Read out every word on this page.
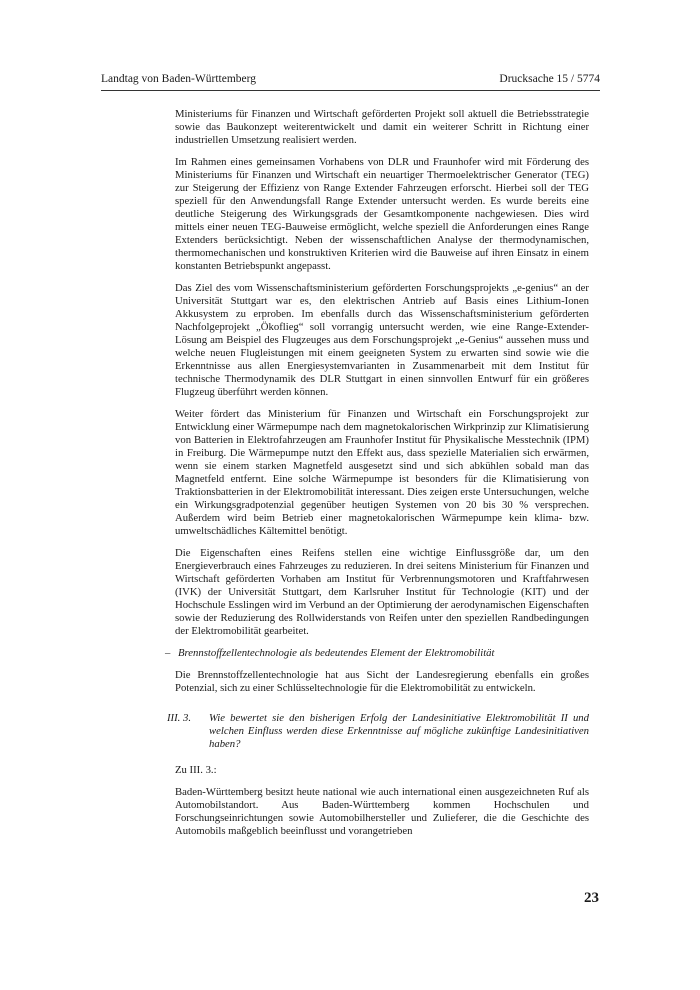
Landtag von Baden-Württemberg	Drucksache 15 / 5774

Ministeriums für Finanzen und Wirtschaft geförderten Projekt soll aktuell die Betriebsstrategie sowie das Baukonzept weiterentwickelt und damit ein weiterer Schritt in Richtung einer industriellen Umsetzung realisiert werden.

Im Rahmen eines gemeinsamen Vorhabens von DLR und Fraunhofer wird mit Förderung des Ministeriums für Finanzen und Wirtschaft ein neuartiger Thermoelektrischer Generator (TEG) zur Steigerung der Effizienz von Range Extender Fahrzeugen erforscht. Hierbei soll der TEG speziell für den Anwendungsfall Range Extender untersucht werden. Es wurde bereits eine deutliche Steigerung des Wirkungsgrads der Gesamtkomponente nachgewiesen. Dies wird mittels einer neuen TEG-Bauweise ermöglicht, welche speziell die Anforderungen eines Range Extenders berücksichtigt. Neben der wissenschaftlichen Analyse der thermodynamischen, thermomechanischen und konstruktiven Kriterien wird die Bauweise auf ihren Einsatz in einem konstanten Betriebspunkt angepasst.

Das Ziel des vom Wissenschaftsministerium geförderten Forschungsprojekts „e-genius“ an der Universität Stuttgart war es, den elektrischen Antrieb auf Basis eines Lithium-Ionen Akkusystem zu erproben. Im ebenfalls durch das Wissenschaftsministerium geförderten Nachfolgeprojekt „Ökoflieg“ soll vorrangig untersucht werden, wie eine Range-Extender-Lösung am Beispiel des Flugzeuges aus dem Forschungsprojekt „e-Genius“ aussehen muss und welche neuen Flugleistungen mit einem geeigneten System zu erwarten sind sowie wie die Erkenntnisse aus allen Energiesystemvarianten in Zusammenarbeit mit dem Institut für technische Thermodynamik des DLR Stuttgart in einen sinnvollen Entwurf für ein größeres Flugzeug überführt werden können.

Weiter fördert das Ministerium für Finanzen und Wirtschaft ein Forschungsprojekt zur Entwicklung einer Wärmepumpe nach dem magnetokalorischen Wirkprinzip zur Klimatisierung von Batterien in Elektrofahrzeugen am Fraunhofer Institut für Physikalische Messtechnik (IPM) in Freiburg. Die Wärmepumpe nutzt den Effekt aus, dass spezielle Materialien sich erwärmen, wenn sie einem starken Magnetfeld ausgesetzt sind und sich abkühlen sobald man das Magnetfeld entfernt. Eine solche Wärmepumpe ist besonders für die Klimatisierung von Traktionsbatterien in der Elektromobilität interessant. Dies zeigen erste Untersuchungen, welche ein Wirkungsgradpotenzial gegenüber heutigen Systemen von 20 bis 30 % versprechen. Außerdem wird beim Betrieb einer magnetokalorischen Wärmepumpe kein klima- bzw. umweltschädliches Kältemittel benötigt.

Die Eigenschaften eines Reifens stellen eine wichtige Einflussgröße dar, um den Energieverbrauch eines Fahrzeuges zu reduzieren. In drei seitens Ministerium für Finanzen und Wirtschaft geförderten Vorhaben am Institut für Verbrennungsmotoren und Kraftfahrwesen (IVK) der Universität Stuttgart, dem Karlsruher Institut für Technologie (KIT) und der Hochschule Esslingen wird im Verbund an der Optimierung der aerodynamischen Eigenschaften sowie der Reduzierung des Rollwiderstands von Reifen unter den speziellen Randbedingungen der Elektromobilität gearbeitet.

– Brennstoffzellentechnologie als bedeutendes Element der Elektromobilität

Die Brennstoffzellentechnologie hat aus Sicht der Landesregierung ebenfalls ein großes Potenzial, sich zu einer Schlüsseltechnologie für die Elektromobilität zu entwickeln.

III. 3.	Wie bewertet sie den bisherigen Erfolg der Landesinitiative Elektromobilität II und welchen Einfluss werden diese Erkenntnisse auf mögliche zukünftige Landesinitiativen haben?

Zu III. 3.:

Baden-Württemberg besitzt heute national wie auch international einen ausgezeichneten Ruf als Automobilstandort. Aus Baden-Württemberg kommen Hochschulen und Forschungseinrichtungen sowie Automobilhersteller und Zulieferer, die die Geschichte des Automobils maßgeblich beeinflusst und vorangetrieben

23
